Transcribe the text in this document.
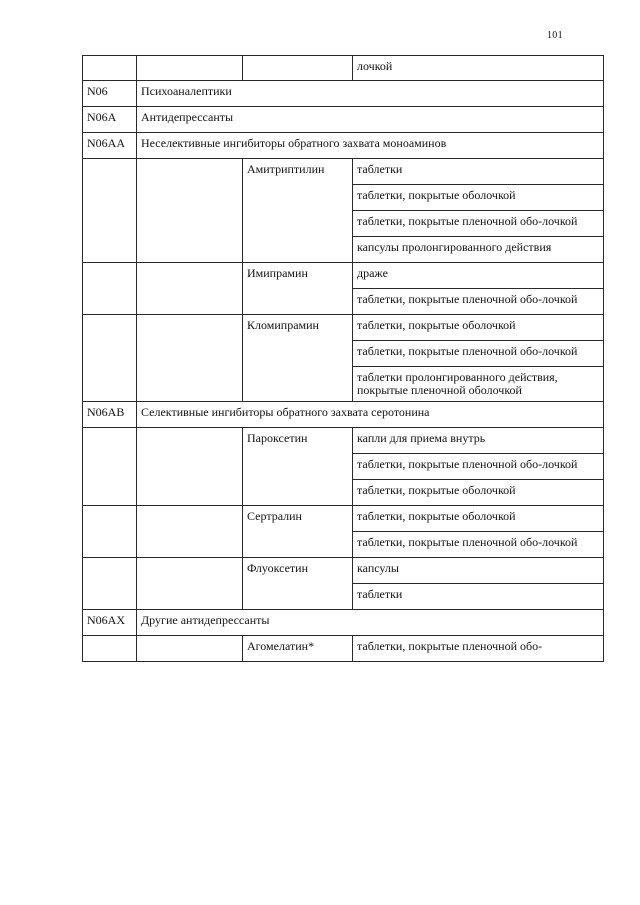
101
			лочкой
N06	Психоаналептики		
N06A	Антидепрессанты		
N06AA	Неселективные ингибиторы обратного захвата моноаминов		
		Амитриптилин	таблетки
			таблетки, покрытые оболочкой
			таблетки, покрытые пленочной обо-лочкой
			капсулы пролонгированного действия
		Имипрамин	драже
			таблетки, покрытые пленочной обо-лочкой
		Кломипрамин	таблетки, покрытые оболочкой
			таблетки, покрытые пленочной обо-лочкой
			таблетки пролонгированного действия, покрытые пленочной оболочкой
N06AB	Селективные ингибиторы обратного захвата серотонина		
		Пароксетин	капли для приема внутрь
			таблетки, покрытые пленочной обо-лочкой
			таблетки, покрытые оболочкой
		Сертралин	таблетки, покрытые оболочкой
			таблетки, покрытые пленочной обо-лочкой
		Флуоксетин	капсулы
			таблетки
N06AX	Другие антидепрессанты		
		Агомелатин*	таблетки, покрытые пленочной обо-
